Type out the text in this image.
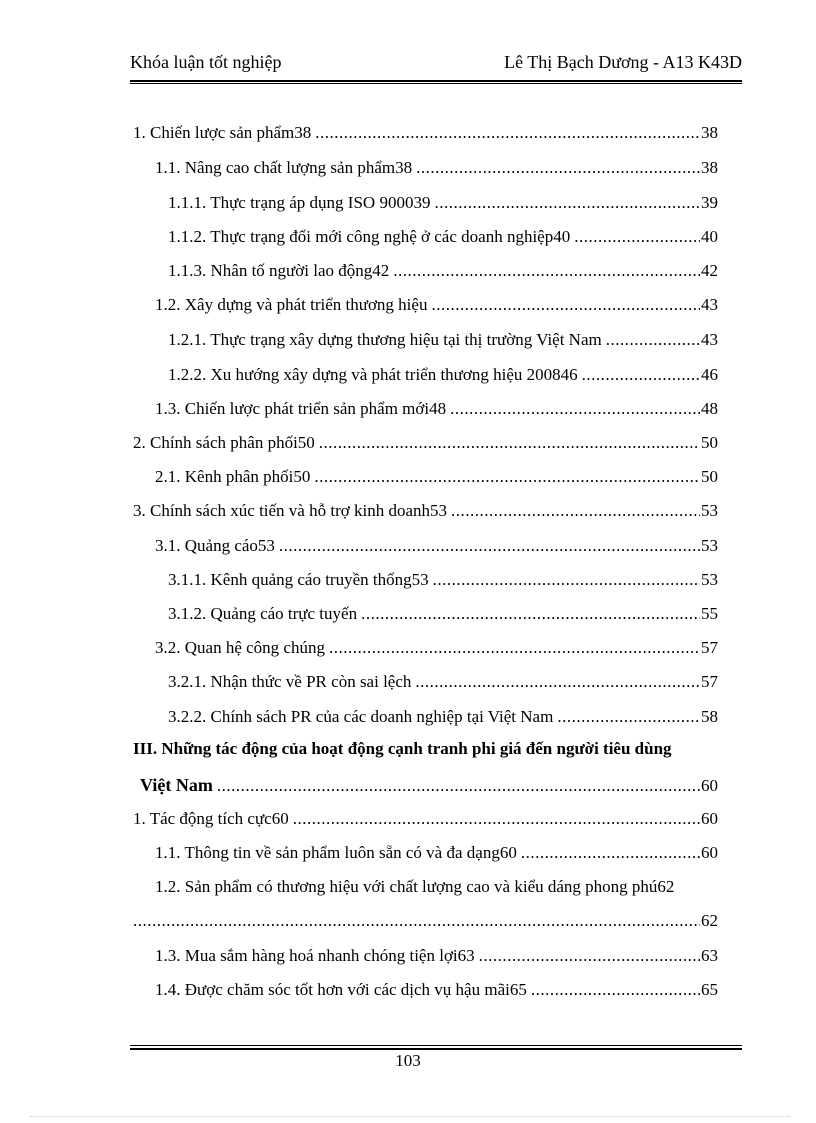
Khóa luận tốt nghiệp	Lê Thị Bạch Dương - A13 K43D
1. Chiến lược sản phẩm38 .....	38
1.1. Nâng cao chất lượng sản phẩm38 .....	38
1.1.1. Thực trạng áp dụng ISO 900039 .....	39
1.1.2. Thực trạng đổi mới công nghệ ở các doanh nghiệp40 .....	40
1.1.3. Nhân tố người lao động42 .....	42
1.2. Xây dựng và phát triển thương hiệu .....	43
1.2.1. Thực trạng xây dựng thương hiệu tại thị trường Việt Nam .....	43
1.2.2. Xu hướng xây dựng và phát triển thương hiệu 200846 .....	46
1.3. Chiến lược phát triển sản phẩm mới48 .....	48
2. Chính sách phân phối50 .....	50
2.1. Kênh phân phối50 .....	50
3. Chính sách xúc tiến và hỗ trợ kinh doanh53 .....	53
3.1. Quảng cáo53 .....	53
3.1.1. Kênh quảng cáo truyền thống53 .....	53
3.1.2. Quảng cáo trực tuyến .....	55
3.2. Quan hệ công chúng .....	57
3.2.1. Nhận thức về PR còn sai lệch .....	57
3.2.2. Chính sách PR của các doanh nghiệp tại Việt Nam .....	58
III. Những tác động của hoạt động cạnh tranh phi giá đến người tiêu dùng
Việt Nam .....	60
1. Tác động tích cực60 .....	60
1.1. Thông tin về sản phẩm luôn sẵn có và đa dạng60 .....	60
1.2. Sản phẩm có thương hiệu với chất lượng cao và kiểu dáng phong phú62
.....
62
1.3. Mua sắm hàng hoá nhanh chóng tiện lợi63 .....	63
1.4. Được chăm sóc tốt hơn với các dịch vụ hậu mãi65 .....	65
103
